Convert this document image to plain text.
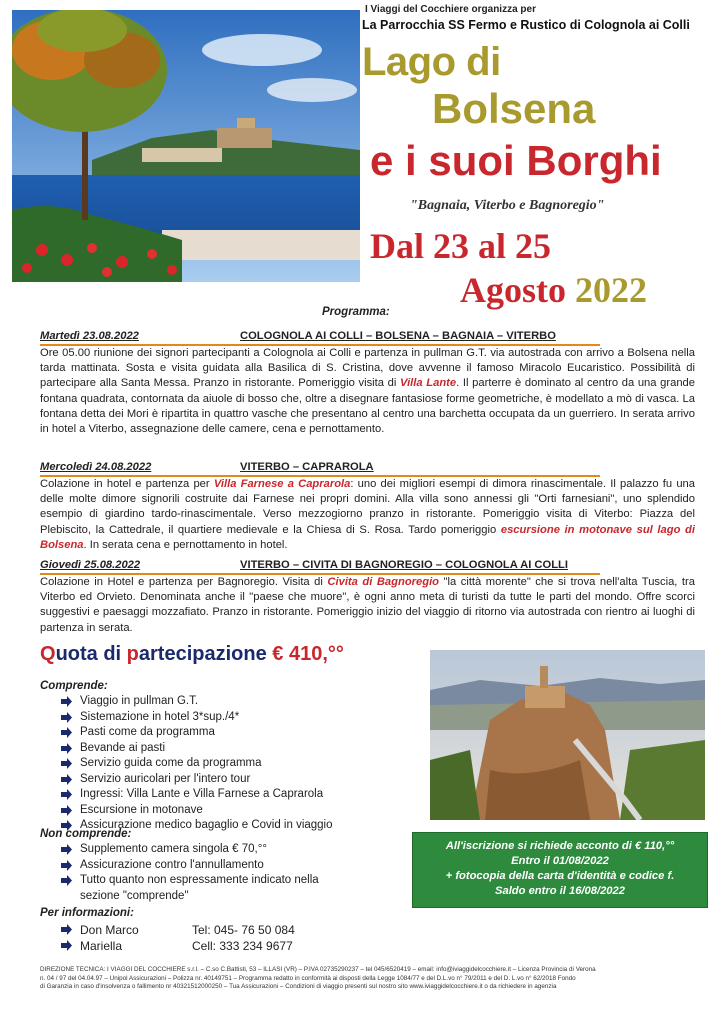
I Viaggi del Cocchiere organizza per
La Parrocchia SS Fermo e Rustico di Colognola ai Colli
Lago di
Bolsena
e i suoi Borghi
"Bagnaia, Viterbo e Bagnoregio"
Dal 23 al 25
Agosto 2022
Programma:
Martedì 23.08.2022	COLOGNOLA AI COLLI – BOLSENA – BAGNAIA – VITERBO

Ore 05.00 riunione dei signori partecipanti a Colognola ai Colli e partenza in pullman G.T. via autostrada con arrivo a Bolsena nella tarda mattinata. Sosta e visita guidata alla Basilica di S. Cristina, dove avvenne il famoso Miracolo Eucaristico. Possibilità di partecipare alla Santa Messa. Pranzo in ristorante. Pomeriggio visita di Villa Lante. Il parterre è dominato al centro da una grande fontana quadrata, contornata da aiuole di bosso che, oltre a disegnare fantasiose forme geometriche, è modellato a mò di vasca. La fontana detta dei Mori è ripartita in quattro vasche che presentano al centro una barchetta occupata da un guerriero. In serata arrivo in hotel a Viterbo, assegnazione delle camere, cena e pernottamento.

Mercoledì 24.08.2022	VITERBO – CAPRAROLA

Colazione in hotel e partenza per Villa Farnese a Caprarola: uno dei migliori esempi di dimora rinascimentale. Il palazzo fu una delle molte dimore signorili costruite dai Farnese nei propri domini. Alla villa sono annessi gli "Orti farnesiani", uno splendido esempio di giardino tardo-rinascimentale. Verso mezzogiorno pranzo in ristorante. Pomeriggio visita di Viterbo: Piazza del Plebiscito, la Cattedrale, il quartiere medievale e la Chiesa di S. Rosa. Tardo pomeriggio escursione in motonave sul lago di Bolsena. In serata cena e pernottamento in hotel.

Giovedì 25.08.2022	VITERBO – CIVITA DI BAGNOREGIO – COLOGNOLA AI COLLI

Colazione in Hotel e partenza per Bagnoregio. Visita di Civita di Bagnoregio "la città morente" che si trova nell'alta Tuscia, tra Viterbo ed Orvieto. Denominata anche il "paese che muore", è ogni anno meta di turisti da tutte le parti del mondo. Offre scorci suggestivi e paesaggi mozzafiato. Pranzo in ristorante. Pomeriggio inizio del viaggio di ritorno via autostrada con rientro ai luoghi di partenza in serata.

Quota di partecipazione € 410,°°
Comprende:
Viaggio in pullman G.T.
Sistemazione in hotel 3*sup./4*
Pasti come da programma
Bevande ai pasti
Servizio guida come da programma
Servizio auricolari per l'intero tour
Ingressi: Villa Lante e Villa Farnese a Caprarola
Escursione in motonave
Assicurazione medico bagaglio e Covid in viaggio
Non comprende:
Supplemento camera singola € 70,°°
Assicurazione contro l'annullamento
Tutto quanto non espressamente indicato nella sezione "comprende"
Per informazioni:
Don Marco	Tel: 045- 76 50 084
Mariella	Cell: 333 234 9677
All'iscrizione si richiede acconto di € 110,°°
Entro il 01/08/2022
+ fotocopia della carta d'identità e codice f.
Saldo entro il 16/08/2022
DIREZIONE TECNICA: I VIAGGI DEL COCCHIERE s.r.l. – C.so C.Battisti, 53 – ILLASI (VR) – P.IVA 02735290237 – tel 045/6520419 – email: info@iviaggidelcocchiere.it – Licenza Provincia di Verona
n. 04 / 97 del 04.04.97 – Unipol Assicurazioni – Polizza nr. 40149751 – Programma redatto in conformità ai disposti della Legge 1084/77 e del D.L.vo n° 79/2011 e del D. L.vo n° 62/2018 Fondo
di Garanzia in caso d'insolvenza o fallimento nr 40321512000250 – Tua Assicurazioni – Condizioni di viaggio presenti sul nostro sito www.iviaggidelcocchiere.it o da richiedere in agenzia
